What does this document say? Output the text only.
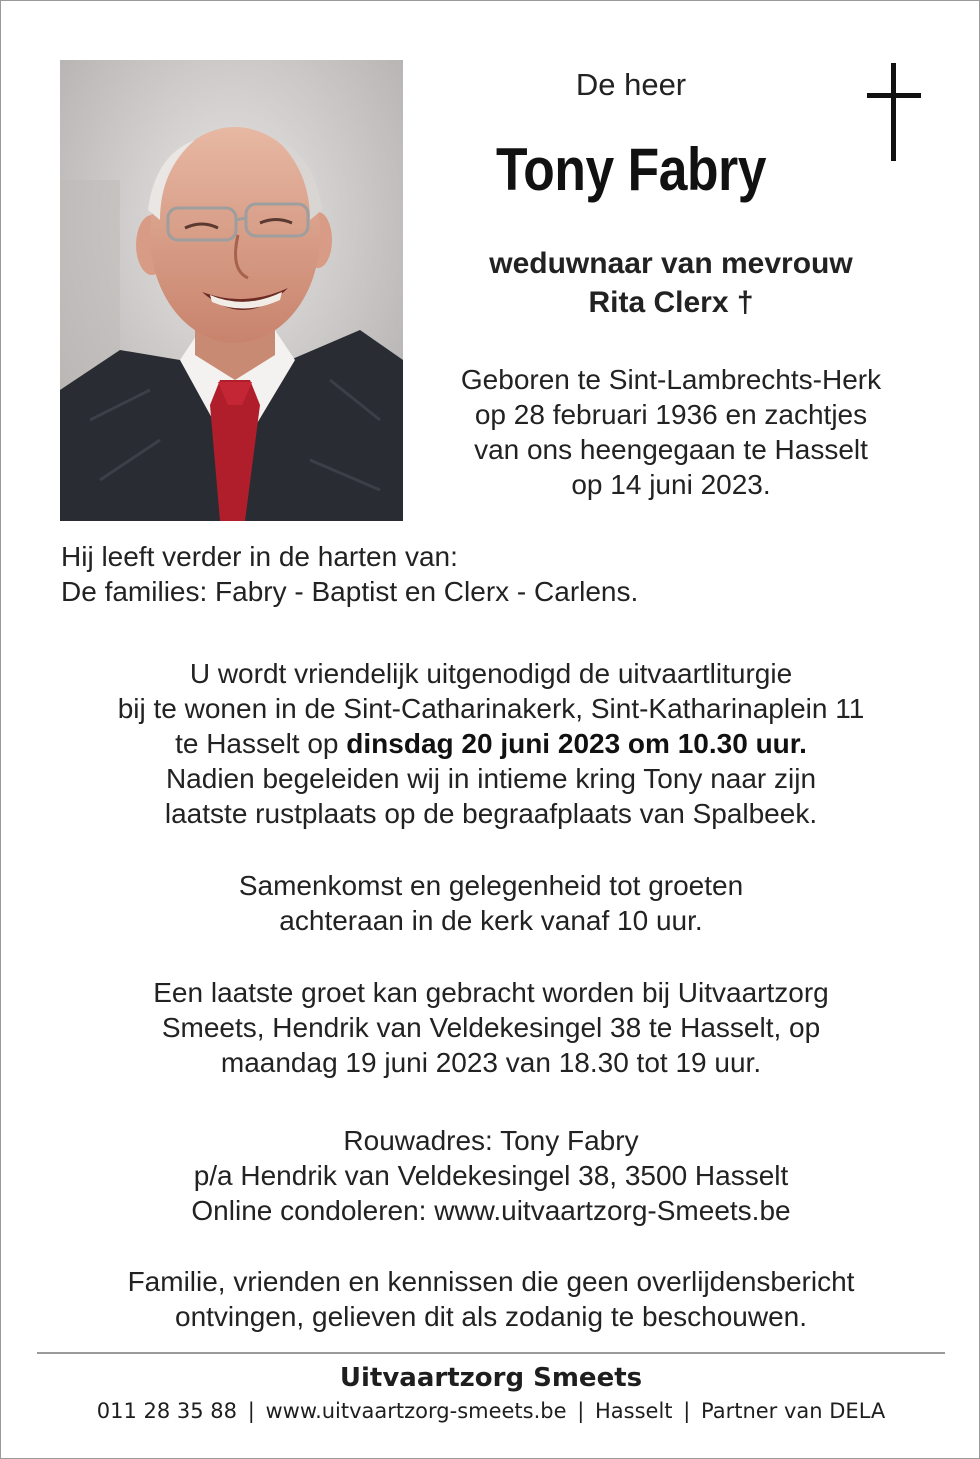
De heer
Tony Fabry
weduwnaar van mevrouw
Rita Clerx †
Geboren te Sint-Lambrechts-Herk
op 28 februari 1936 en zachtjes
van ons heengegaan te Hasselt
op 14 juni 2023.
Hij leeft verder in de harten van:
De families: Fabry - Baptist en Clerx - Carlens.
U wordt vriendelijk uitgenodigd de uitvaartliturgie
bij te wonen in de Sint-Catharinakerk, Sint-Katharinaplein 11
te Hasselt op dinsdag 20 juni 2023 om 10.30 uur.
Nadien begeleiden wij in intieme kring Tony naar zijn
laatste rustplaats op de begraafplaats van Spalbeek.
Samenkomst en gelegenheid tot groeten
achteraan in de kerk vanaf 10 uur.
Een laatste groet kan gebracht worden bij Uitvaartzorg
Smeets, Hendrik van Veldekesingel 38 te Hasselt, op
maandag 19 juni 2023 van 18.30 tot 19 uur.
Rouwadres: Tony Fabry
p/a Hendrik van Veldekesingel 38, 3500 Hasselt
Online condoleren: www.uitvaartzorg-Smeets.be
Familie, vrienden en kennissen die geen overlijdensbericht
ontvingen, gelieven dit als zodanig te beschouwen.
Uitvaartzorg Smeets
011 28 35 88 | www.uitvaartzorg-smeets.be | Hasselt | Partner van DELA
